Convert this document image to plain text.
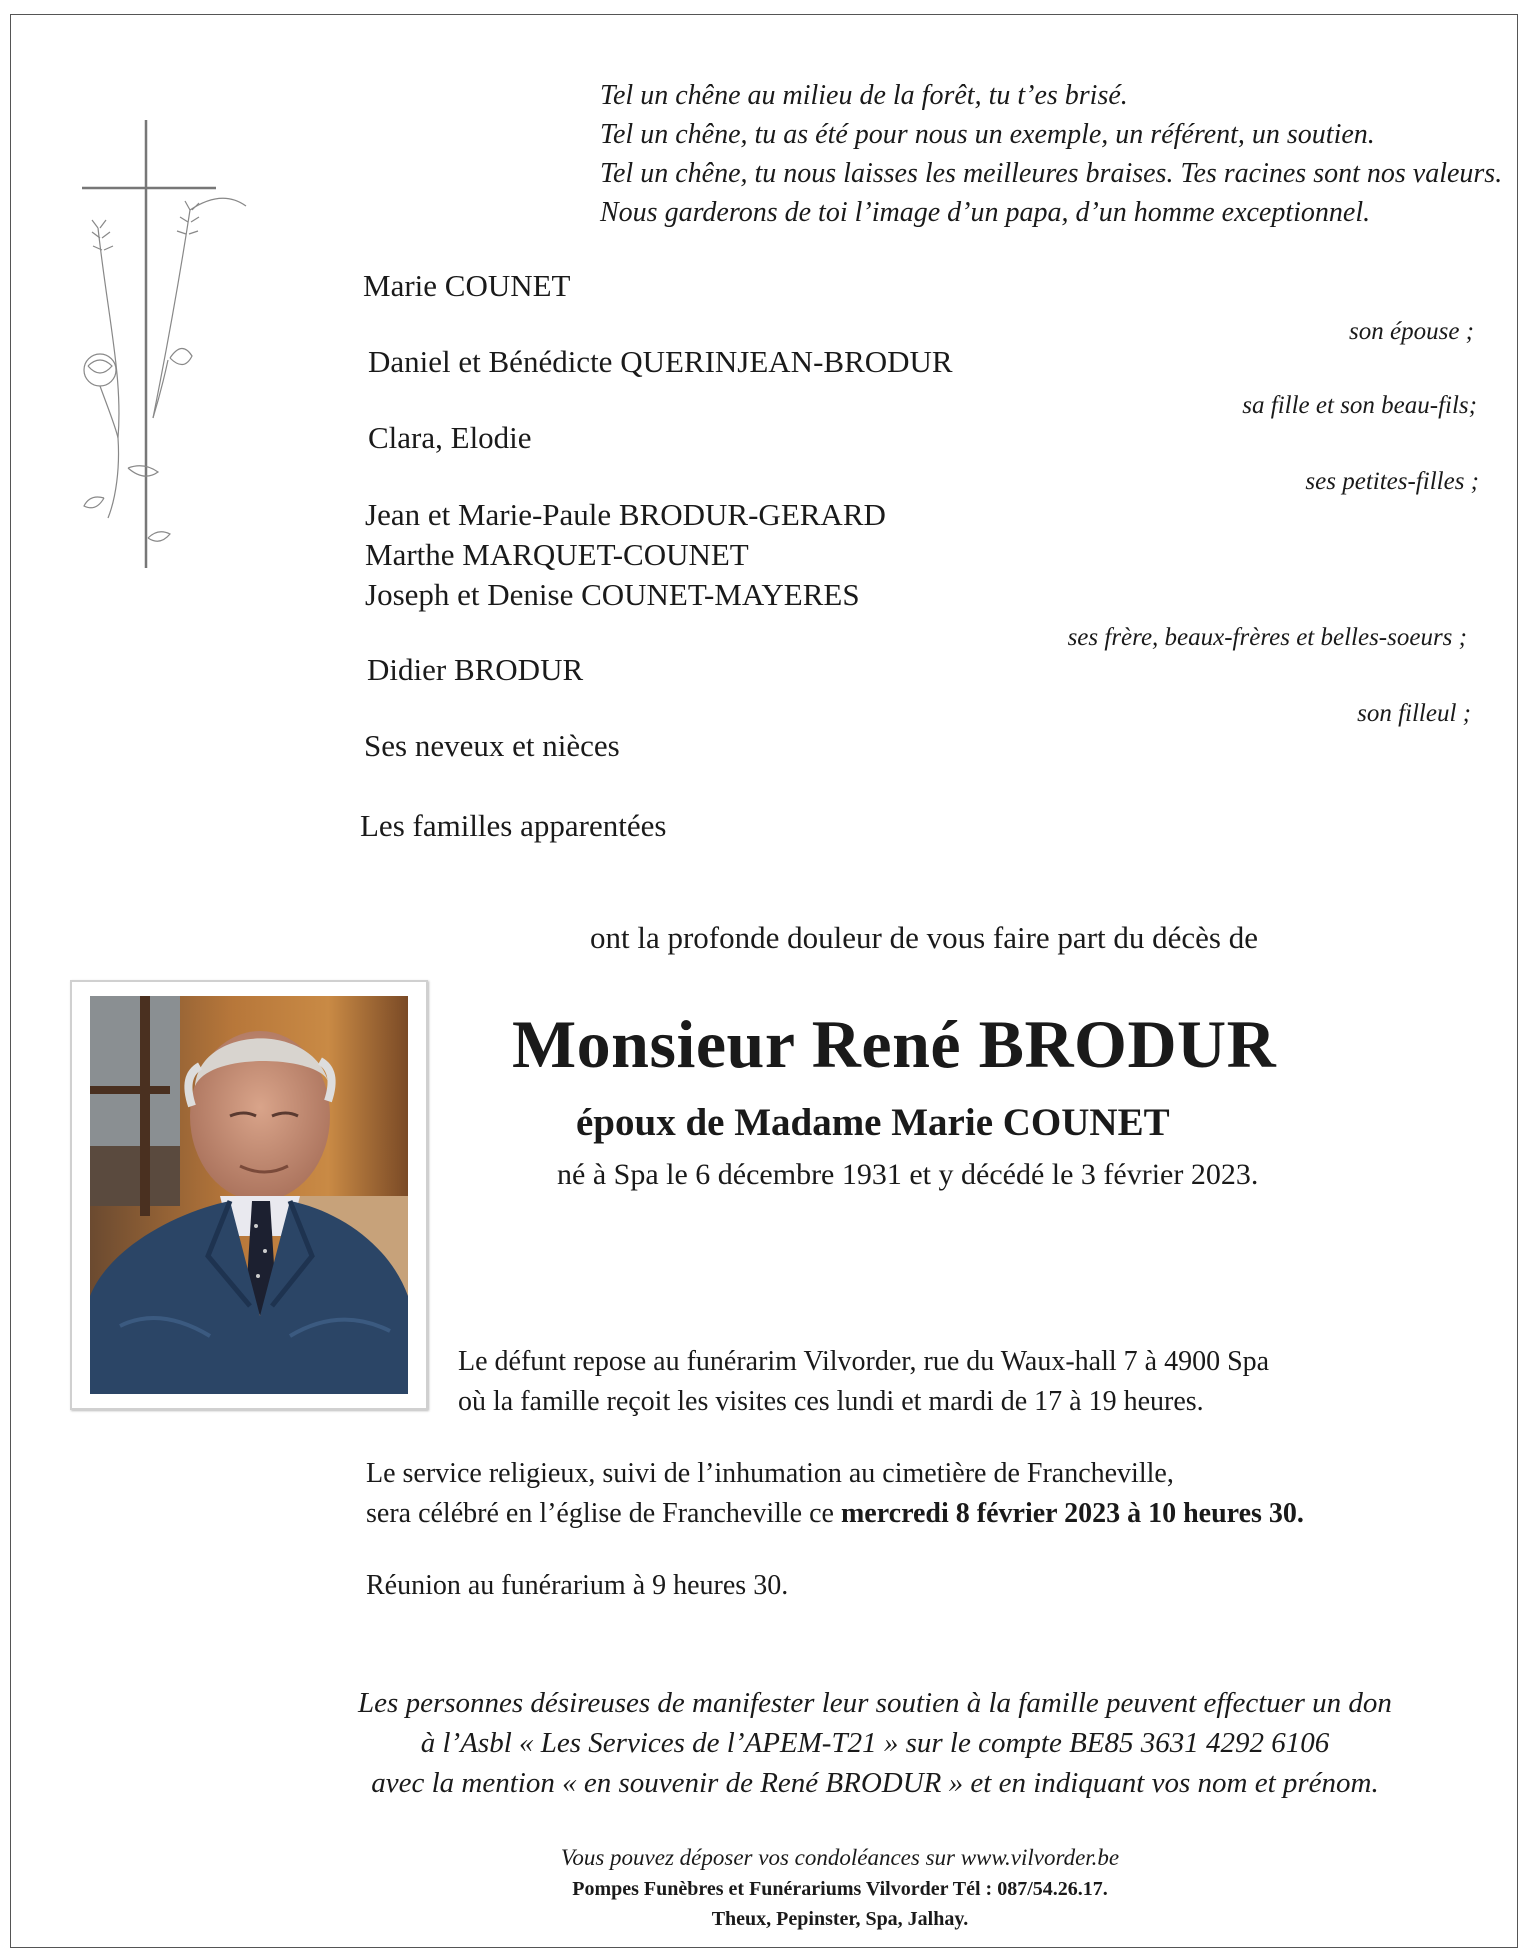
Tel un chêne au milieu de la forêt, tu t’es brisé.
Tel un chêne, tu as été pour nous un exemple, un référent, un soutien.
Tel un chêne, tu nous laisses les meilleures braises. Tes racines sont nos valeurs.
Nous garderons de toi l’image d’un papa, d’un homme exceptionnel.
Marie COUNET
son épouse ;
Daniel et Bénédicte QUERINJEAN-BRODUR
sa fille et son beau-fils;
Clara, Elodie
ses petites-filles ;
Jean et Marie-Paule BRODUR-GERARD
Marthe MARQUET-COUNET
Joseph et Denise COUNET-MAYERES
ses frère, beaux-frères et belles-soeurs ;
Didier BRODUR
son filleul ;
Ses neveux et nièces
Les familles apparentées
ont la profonde douleur de vous faire part du décès de
Monsieur René BRODUR
époux de Madame Marie COUNET
né à Spa le 6 décembre 1931 et y décédé le 3 février 2023.
Le défunt repose au funérarim Vilvorder, rue du Waux-hall 7 à 4900 Spa
où la famille reçoit les visites ces lundi et mardi de 17 à 19 heures.
Le service religieux, suivi de l’inhumation au cimetière de Francheville,
sera célébré en l’église de Francheville ce mercredi 8 février 2023 à 10 heures 30.
Réunion au funérarium à 9 heures 30.
Les personnes désireuses de manifester leur soutien à la famille peuvent effectuer un don
à l’Asbl « Les Services de l’APEM-T21 » sur le compte BE85 3631 4292 6106
avec la mention « en souvenir de René BRODUR » et en indiquant vos nom et prénom.
Vous pouvez déposer vos condoléances sur www.vilvorder.be
Pompes Funèbres et Funérariums Vilvorder Tél : 087/54.26.17.
Theux, Pepinster, Spa, Jalhay.
